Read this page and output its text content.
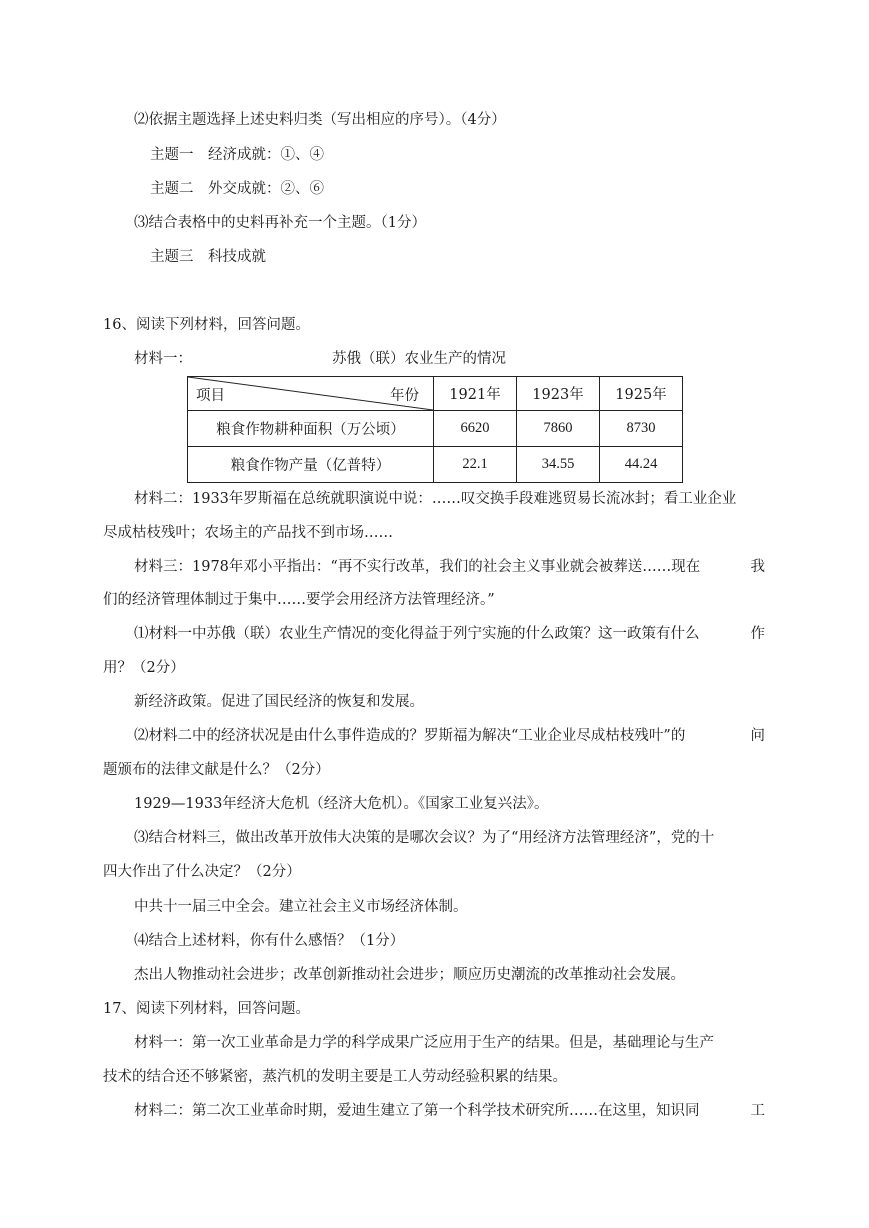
⑵依据主题选择上述史料归类（写出相应的序号）。（4分）
主题一　经济成就：①、④
主题二　外交成就：②、⑥
⑶结合表格中的史料再补充一个主题。（1分）
主题三　科技成就
16、阅读下列材料，回答问题。
材料一：	苏俄（联）农业生产的情况
项目 年份	1921年	1923年	1925年
粮食作物耕种面积（万公顷）	6620	7860	8730
粮食作物产量（亿普特）	22.1	34.55	44.24
材料二：1933年罗斯福在总统就职演说中说：……叹交换手段难逃贸易长流冰封；看工业企业
尽成枯枝残叶；农场主的产品找不到市场……
材料三：1978年邓小平指出：“再不实行改革，我们的社会主义事业就会被葬送……现在	我
们的经济管理体制过于集中……要学会用经济方法管理经济。”
⑴材料一中苏俄（联）农业生产情况的变化得益于列宁实施的什么政策？这一政策有什么	作
用？（2分）
新经济政策。促进了国民经济的恢复和发展。
⑵材料二中的经济状况是由什么事件造成的？罗斯福为解决“工业企业尽成枯枝残叶”的	问
题颁布的法律文献是什么？（2分）
1929—1933年经济大危机（经济大危机）。《国家工业复兴法》。
⑶结合材料三，做出改革开放伟大决策的是哪次会议？为了“用经济方法管理经济”，党的十
四大作出了什么决定？（2分）
中共十一届三中全会。建立社会主义市场经济体制。
⑷结合上述材料，你有什么感悟？（1分）
杰出人物推动社会进步；改革创新推动社会进步；顺应历史潮流的改革推动社会发展。
17、阅读下列材料，回答问题。
材料一：第一次工业革命是力学的科学成果广泛应用于生产的结果。但是，基础理论与生产
技术的结合还不够紧密，蒸汽机的发明主要是工人劳动经验积累的结果。
材料二：第二次工业革命时期，爱迪生建立了第一个科学技术研究所……在这里，知识同	工
